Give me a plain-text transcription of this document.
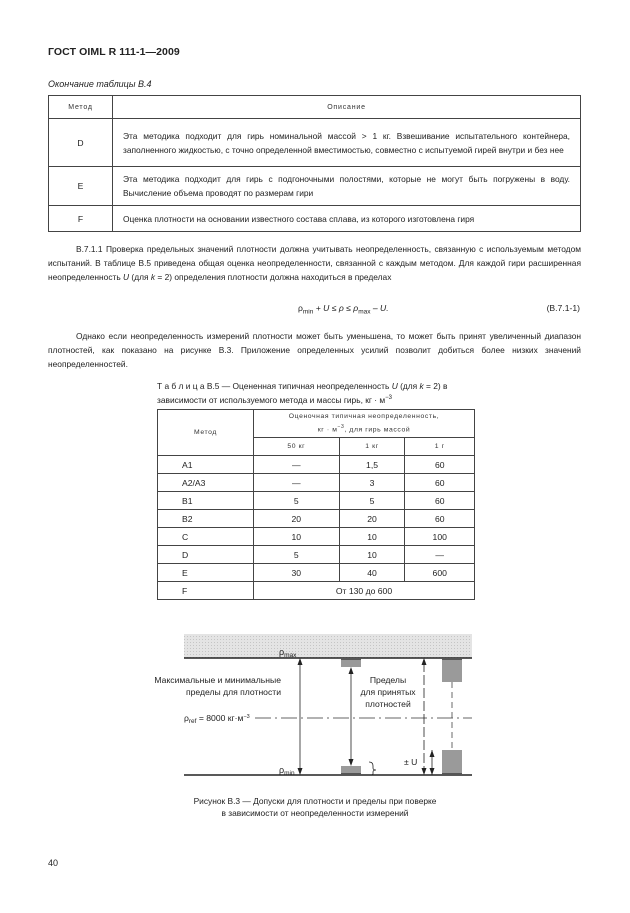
ГОСТ OIML R 111-1—2009
Окончание таблицы В.4
Метод	Описание
D	Эта методика подходит для гирь номинальной массой > 1 кг. Взвешивание испытательного контейнера, заполненного жидкостью, с точно определенной вместимостью, совместно с испытуемой гирей внутри и без нее
E	Эта методика подходит для гирь с подгоночными полостями, которые не могут быть погружены в воду. Вычисление объема проводят по размерам гири
F	Оценка плотности на основании известного состава сплава, из которого изготовлена гиря
В.7.1.1 Проверка предельных значений плотности должна учитывать неопределенность, связанную с используемым методом испытаний. В таблице В.5 приведена общая оценка неопределенности, связанной с каждым методом. Для каждой гири расширенная неопределенность U (для k = 2) определения плотности должна находиться в пределах
$\rho_{min} + U \le \rho \le \rho_{max} - U$.	(В.7.1-1)
Однако если неопределенность измерений плотности может быть уменьшена, то может быть принят увеличенный диапазон плотностей, как показано на рисунке В.3. Приложение определенных усилий позволит добиться более низких значений неопределенностей.
Т а б л и ц а В.5 — Оцененная типичная неопределенность U (для k = 2) в зависимости от используемого метода и массы гирь, кг · $м^{-3}$
Метод	Оценочная типичная неопределенность,
кг · $м^{-3}$, для гирь массой		
	50 кг	1 кг	1 г
A1	—	1,5	60
A2/A3	—	3	60
B1	5	5	60
B2	20	20	60
C	10	10	100
D	5	10	—
E	30	40	600
F	От 130 до 600		
$\rho_{max}$
$\rho_{min}$
$\rho_{ref} = 8000$ $кг\cdot м^{-3}$
Максимальные и минимальные
пределы для плотности
Пределы
для принятых
плотностей
± U
Рисунок В.3 — Допуски для плотности и пределы при поверке
в зависимости от неопределенности измерений
40
